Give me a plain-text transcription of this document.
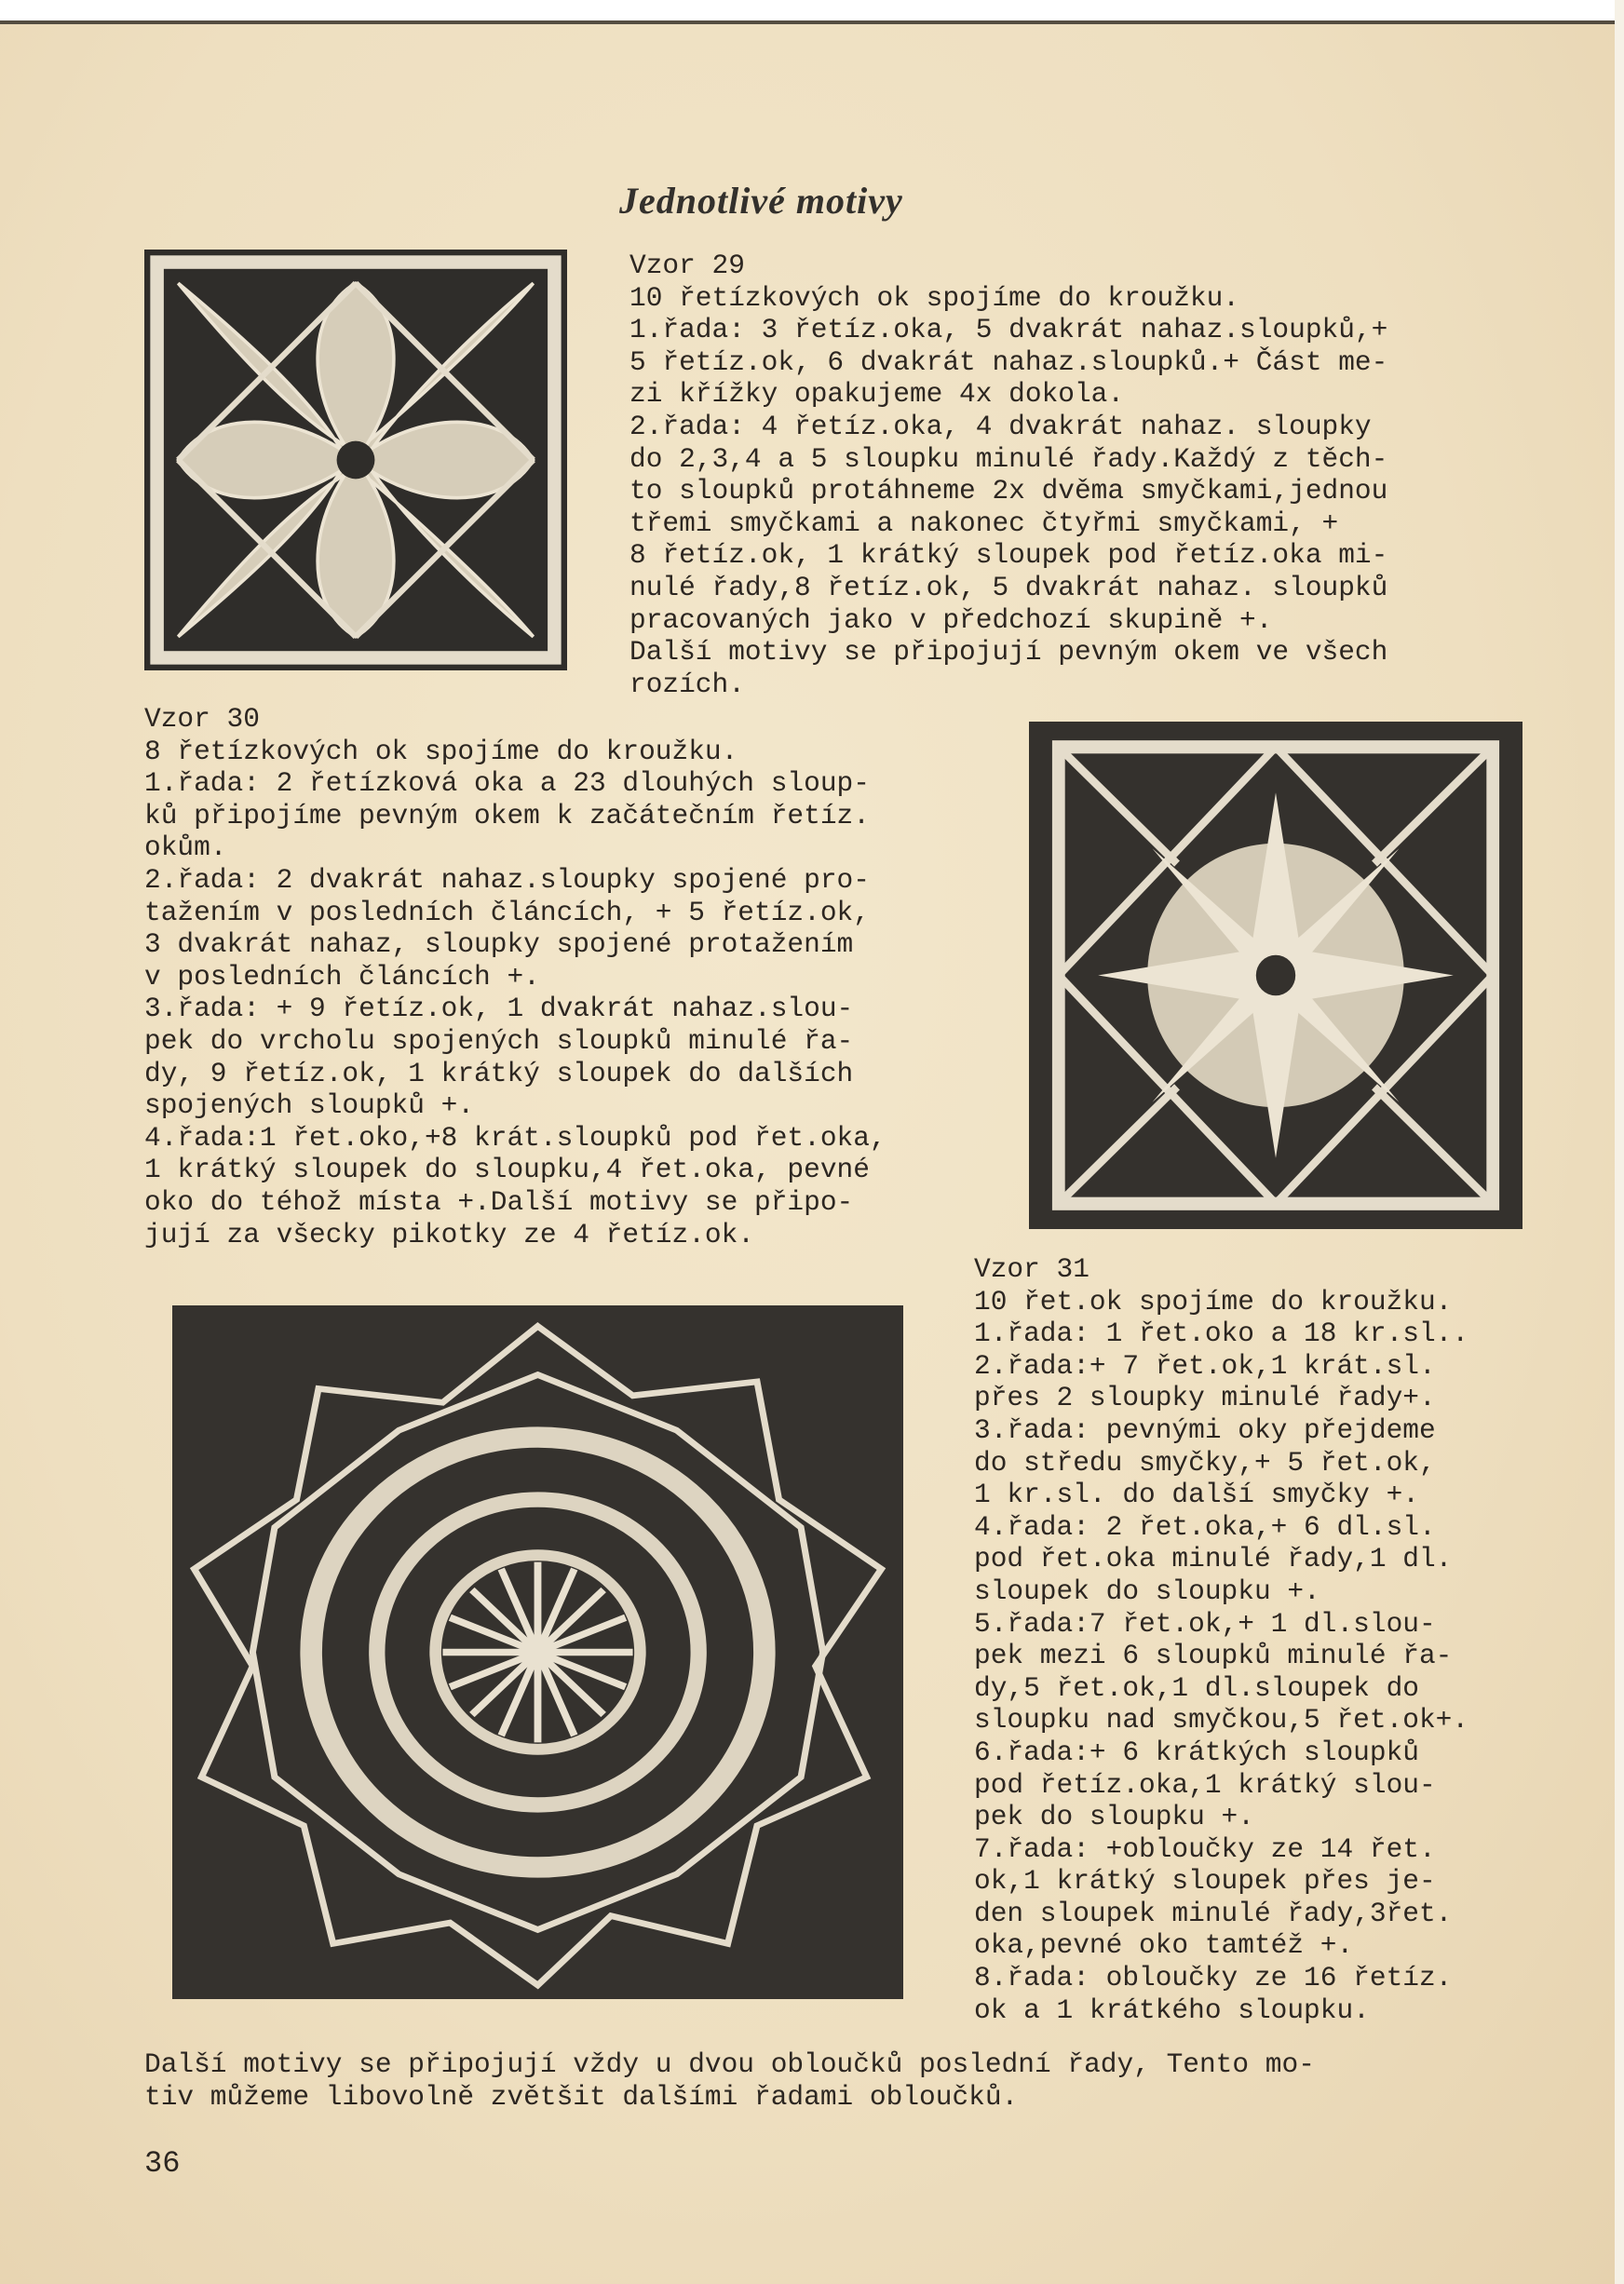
Jednotlivé motivy
Vzor 29
10 řetízkových ok spojíme do kroužku.
1.řada: 3 řetíz.oka, 5 dvakrát nahaz.sloupků,+
5 řetíz.ok, 6 dvakrát nahaz.sloupků.+ Část me-
zi křížky opakujeme 4x dokola.
2.řada: 4 řetíz.oka, 4 dvakrát nahaz. sloupky
do 2,3,4 a 5 sloupku minulé řady.Každý z těch-
to sloupků protáhneme 2x dvěma smyčkami,jednou
třemi smyčkami a nakonec čtyřmi smyčkami, +
8 řetíz.ok, 1 krátký sloupek pod řetíz.oka mi-
nulé řady,8 řetíz.ok, 5 dvakrát nahaz. sloupků
pracovaných jako v předchozí skupině +.
Další motivy se připojují pevným okem ve všech
rozích.
Vzor 30
8 řetízkových ok spojíme do kroužku.
1.řada: 2 řetízková oka a 23 dlouhých sloup-
ků připojíme pevným okem k začátečním řetíz.
okům.
2.řada: 2 dvakrát nahaz.sloupky spojené pro-
tažením v posledních článcích, + 5 řetíz.ok,
3 dvakrát nahaz, sloupky spojené protažením
v posledních článcích +.
3.řada: + 9 řetíz.ok, 1 dvakrát nahaz.slou-
pek do vrcholu spojených sloupků minulé řa-
dy, 9 řetíz.ok, 1 krátký sloupek do dalších
spojených sloupků +.
4.řada:1 řet.oko,+8 krát.sloupků pod řet.oka,
1 krátký sloupek do sloupku,4 řet.oka, pevné
oko do téhož místa +.Další motivy se připo-
jují za všecky pikotky ze 4 řetíz.ok.
Vzor 31
10 řet.ok spojíme do kroužku.
1.řada: 1 řet.oko a 18 kr.sl..
2.řada:+ 7 řet.ok,1 krát.sl.
přes 2 sloupky minulé řady+.
3.řada: pevnými oky přejdeme
do středu smyčky,+ 5 řet.ok,
1 kr.sl. do další smyčky +.
4.řada: 2 řet.oka,+ 6 dl.sl.
pod řet.oka minulé řady,1 dl.
sloupek do sloupku +.
5.řada:7 řet.ok,+ 1 dl.slou-
pek mezi 6 sloupků minulé řa-
dy,5 řet.ok,1 dl.sloupek do
sloupku nad smyčkou,5 řet.ok+.
6.řada:+ 6 krátkých sloupků
pod řetíz.oka,1 krátký slou-
pek do sloupku +.
7.řada: +obloučky ze 14 řet.
ok,1 krátký sloupek přes je-
den sloupek minulé řady,3řet.
oka,pevné oko tamtéž +.
8.řada: obloučky ze 16 řetíz.
ok a 1 krátkého sloupku.
Další motivy se připojují vždy u dvou obloučků poslední řady, Tento mo-
tiv můžeme libovolně zvětšit dalšími řadami obloučků.
36
